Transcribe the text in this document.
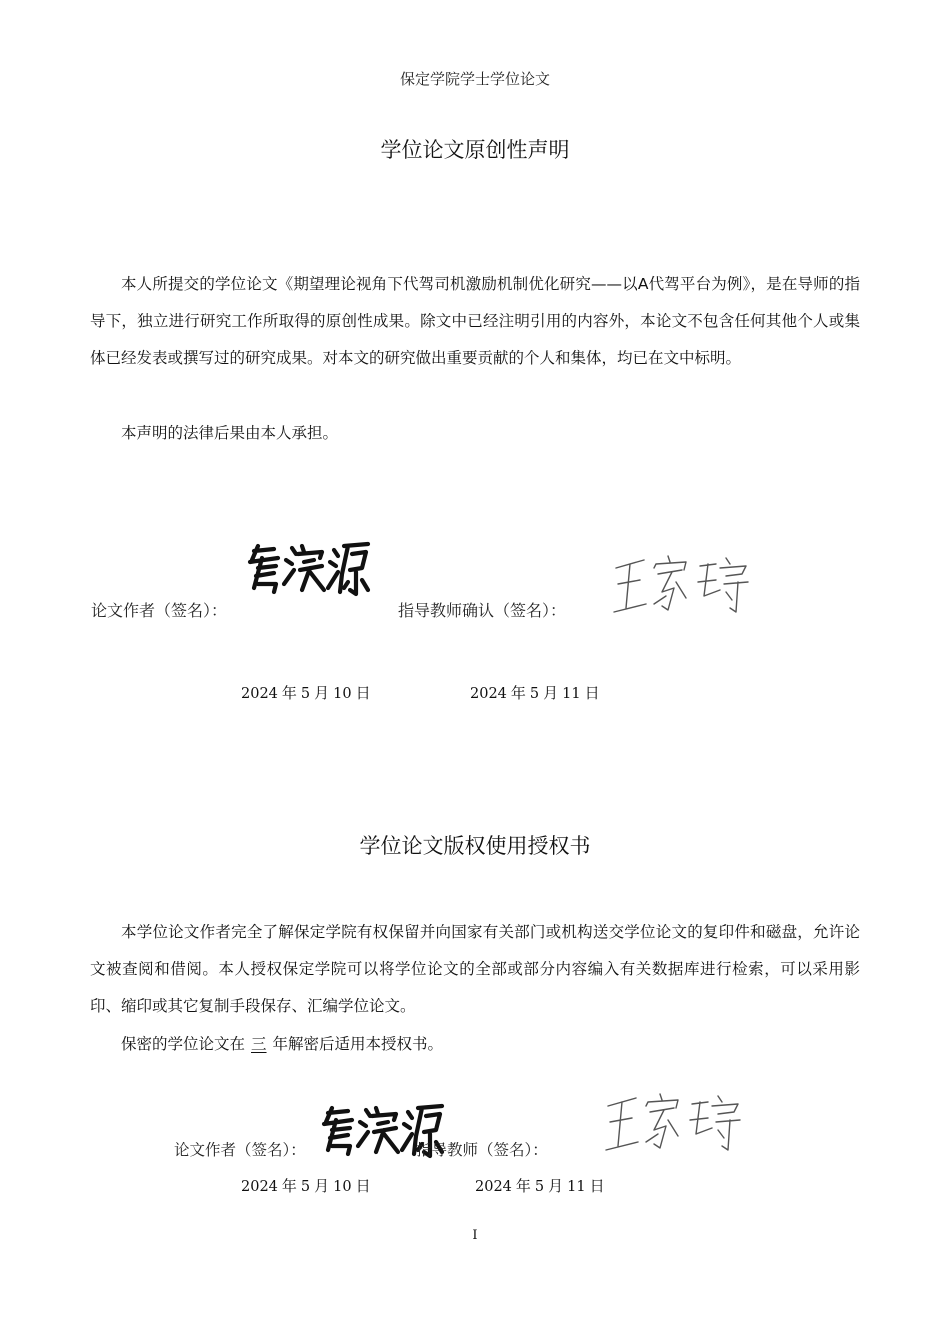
保定学院学士学位论文
学位论文原创性声明
本人所提交的学位论文《期望理论视角下代驾司机激励机制优化研究——以A代驾平台为例》，是在导师的指导下，独立进行研究工作所取得的原创性成果。除文中已经注明引用的内容外，本论文不包含任何其他个人或集体已经发表或撰写过的研究成果。对本文的研究做出重要贡献的个人和集体，均已在文中标明。
本声明的法律后果由本人承担。
论文作者（签名）：	指导教师确认（签名）：
2024 年 5 月 10 日	2024 年 5 月 11 日
学位论文版权使用授权书
本学位论文作者完全了解保定学院有权保留并向国家有关部门或机构送交学位论文的复印件和磁盘，允许论文被查阅和借阅。本人授权保定学院可以将学位论文的全部或部分内容编入有关数据库进行检索，可以采用影印、缩印或其它复制手段保存、汇编学位论文。
保密的学位论文在 三 年解密后适用本授权书。
论文作者（签名）：	指导教师（签名）：
2024 年 5 月 10 日	2024 年 5 月 11 日
I
